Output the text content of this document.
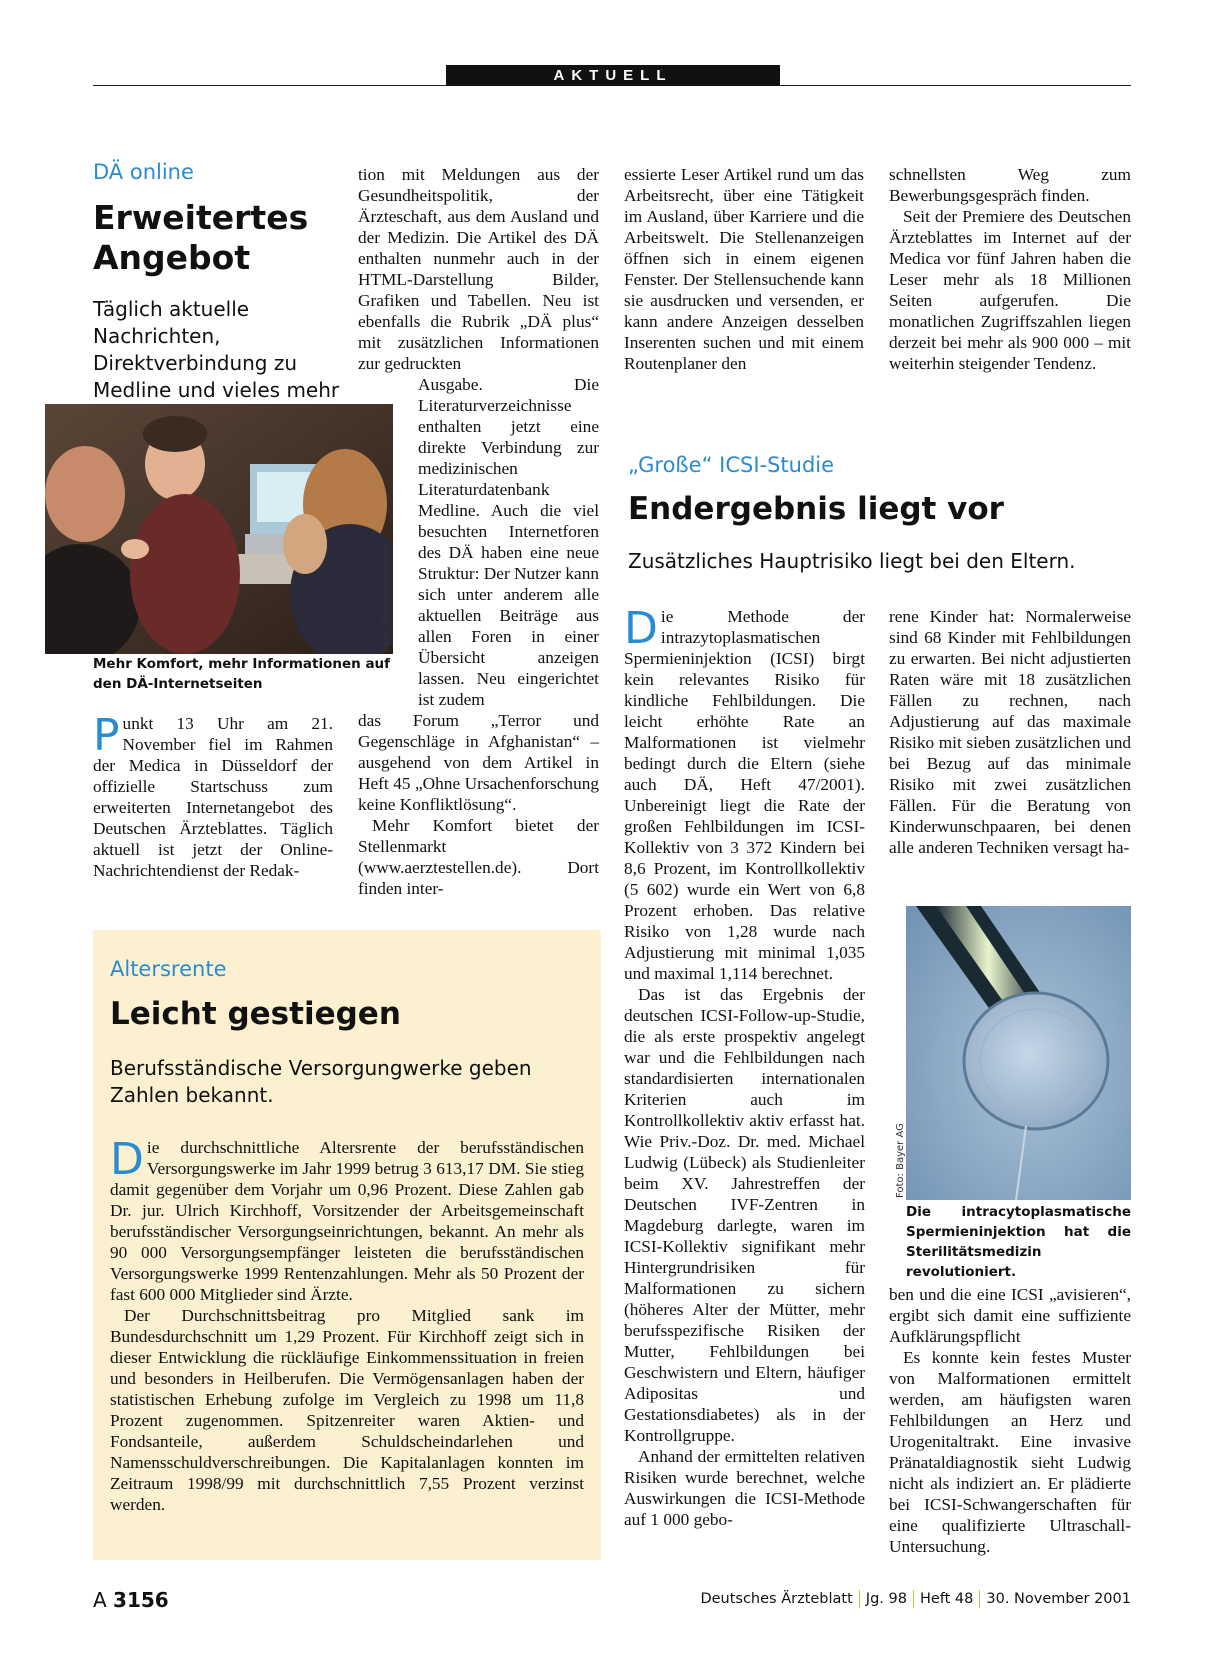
AKTUELL
DÄ online
Erweitertes Angebot
Täglich aktuelle Nachrichten, Direktverbindung zu Medline und vieles mehr
Foto: Eberhard Hahne
Mehr Komfort, mehr Informationen auf den DÄ-Internetseiten

Punkt 13 Uhr am 21. November fiel im Rahmen der Medica in Düsseldorf der offizielle Startschuss zum erweiterten Internetangebot des Deutschen Ärzteblattes. Täglich aktuell ist jetzt der Online-Nachrichtendienst der Redak-

tion mit Meldungen aus der Gesundheitspolitik, der Ärzteschaft, aus dem Ausland und der Medizin. Die Artikel des DÄ enthalten nunmehr auch in der HTML-Darstellung Bilder, Grafiken und Tabellen. Neu ist ebenfalls die Rubrik „DÄ plus“ mit zusätzlichen Informationen zur gedruckten

Ausgabe. Die Literaturverzeichnisse enthalten jetzt eine direkte Verbindung zur medizinischen Literaturdatenbank Medline. Auch die viel besuchten Internetforen des DÄ haben eine neue Struktur: Der Nutzer kann sich unter anderem alle aktuellen Beiträge aus allen Foren in einer Übersicht anzeigen lassen. Neu eingerichtet ist zudem

das Forum „Terror und Gegenschläge in Afghanistan“ – ausgehend von dem Artikel in Heft 45 „Ohne Ursachenforschung keine Konfliktlösung“.

Mehr Komfort bietet der Stellenmarkt (www.aerztestellen.de). Dort finden inter-

essierte Leser Artikel rund um das Arbeitsrecht, über eine Tätigkeit im Ausland, über Karriere und die Arbeitswelt. Die Stellenanzeigen öffnen sich in einem eigenen Fenster. Der Stellensuchende kann sie ausdrucken und versenden, er kann andere Anzeigen desselben Inserenten suchen und mit einem Routenplaner den

schnellsten Weg zum Bewerbungsgespräch finden.

Seit der Premiere des Deutschen Ärzteblattes im Internet auf der Medica vor fünf Jahren haben die Leser mehr als 18 Millionen Seiten aufgerufen. Die monatlichen Zugriffszahlen liegen derzeit bei mehr als 900 000 – mit weiterhin steigender Tendenz.

„Große“ ICSI-Studie
Endergebnis liegt vor
Zusätzliches Hauptrisiko liegt bei den Eltern.

Die Methode der intrazytoplasmatischen Spermieninjektion (ICSI) birgt kein relevantes Risiko für kindliche Fehlbildungen. Die leicht erhöhte Rate an Malformationen ist vielmehr bedingt durch die Eltern (siehe auch DÄ, Heft 47/2001). Unbereinigt liegt die Rate der großen Fehlbildungen im ICSI-Kollektiv von 3 372 Kindern bei 8,6 Prozent, im Kontrollkollektiv (5 602) wurde ein Wert von 6,8 Prozent erhoben. Das relative Risiko von 1,28 wurde nach Adjustierung mit minimal 1,035 und maximal 1,114 berechnet.

Das ist das Ergebnis der deutschen ICSI-Follow-up-Studie, die als erste prospektiv angelegt war und die Fehlbildungen nach standardisierten internationalen Kriterien auch im Kontrollkollektiv aktiv erfasst hat. Wie Priv.-Doz. Dr. med. Michael Ludwig (Lübeck) als Studienleiter beim XV. Jahrestreffen der Deutschen IVF-Zentren in Magdeburg darlegte, waren im ICSI-Kollektiv signifikant mehr Hintergrundrisiken für Malformationen zu sichern (höheres Alter der Mütter, mehr berufsspezifische Risiken der Mutter, Fehlbildungen bei Geschwistern und Eltern, häufiger Adipositas und Gestationsdiabetes) als in der Kontrollgruppe.

Anhand der ermittelten relativen Risiken wurde berechnet, welche Auswirkungen die ICSI-Methode auf 1 000 gebo-

rene Kinder hat: Normalerweise sind 68 Kinder mit Fehlbildungen zu erwarten. Bei nicht adjustierten Raten wäre mit 18 zusätzlichen Fällen zu rechnen, nach Adjustierung auf das maximale Risiko mit sieben zusätzlichen und bei Bezug auf das minimale Risiko mit zwei zusätzlichen Fällen. Für die Beratung von Kinderwunschpaaren, bei denen alle anderen Techniken versagt ha-

Foto: Bayer AG
Die intracytoplasmatische Spermieninjektion hat die Sterilitätsmedizin revolutioniert.

ben und die eine ICSI „avisieren“, ergibt sich damit eine suffiziente Aufklärungspflicht

Es konnte kein festes Muster von Malformationen ermittelt werden, am häufigsten waren Fehlbildungen an Herz und Urogenitaltrakt. Eine invasive Pränataldiagnostik sieht Ludwig nicht als indiziert an. Er plädierte bei ICSI-Schwangerschaften für eine qualifizierte Ultraschall-Untersuchung.

Altersrente
Leicht gestiegen
Berufsständische Versorgungwerke geben Zahlen bekannt.

Die durchschnittliche Altersrente der berufsständischen Versorgungswerke im Jahr 1999 betrug 3 613,17 DM. Sie stieg damit gegenüber dem Vorjahr um 0,96 Prozent. Diese Zahlen gab Dr. jur. Ulrich Kirchhoff, Vorsitzender der Arbeitsgemeinschaft berufsständischer Versorgungseinrichtungen, bekannt. An mehr als 90 000 Versorgungsempfänger leisteten die berufsständischen Versorgungswerke 1999 Rentenzahlungen. Mehr als 50 Prozent der fast 600 000 Mitglieder sind Ärzte.

Der Durchschnittsbeitrag pro Mitglied sank im Bundesdurchschnitt um 1,29 Prozent. Für Kirchhoff zeigt sich in dieser Entwicklung die rückläufige Einkommenssituation in freien und besonders in Heilberufen. Die Vermögensanlagen haben der statistischen Erhebung zufolge im Vergleich zu 1998 um 11,8 Prozent zugenommen. Spitzenreiter waren Aktien- und Fondsanteile, außerdem Schuldscheindarlehen und Namensschuldverschreibungen. Die Kapitalanlagen konnten im Zeitraum 1998/99 mit durchschnittlich 7,55 Prozent verzinst werden.

A 3156	Deutsches Ärzteblatt Jg. 98 Heft 48 30. November 2001
